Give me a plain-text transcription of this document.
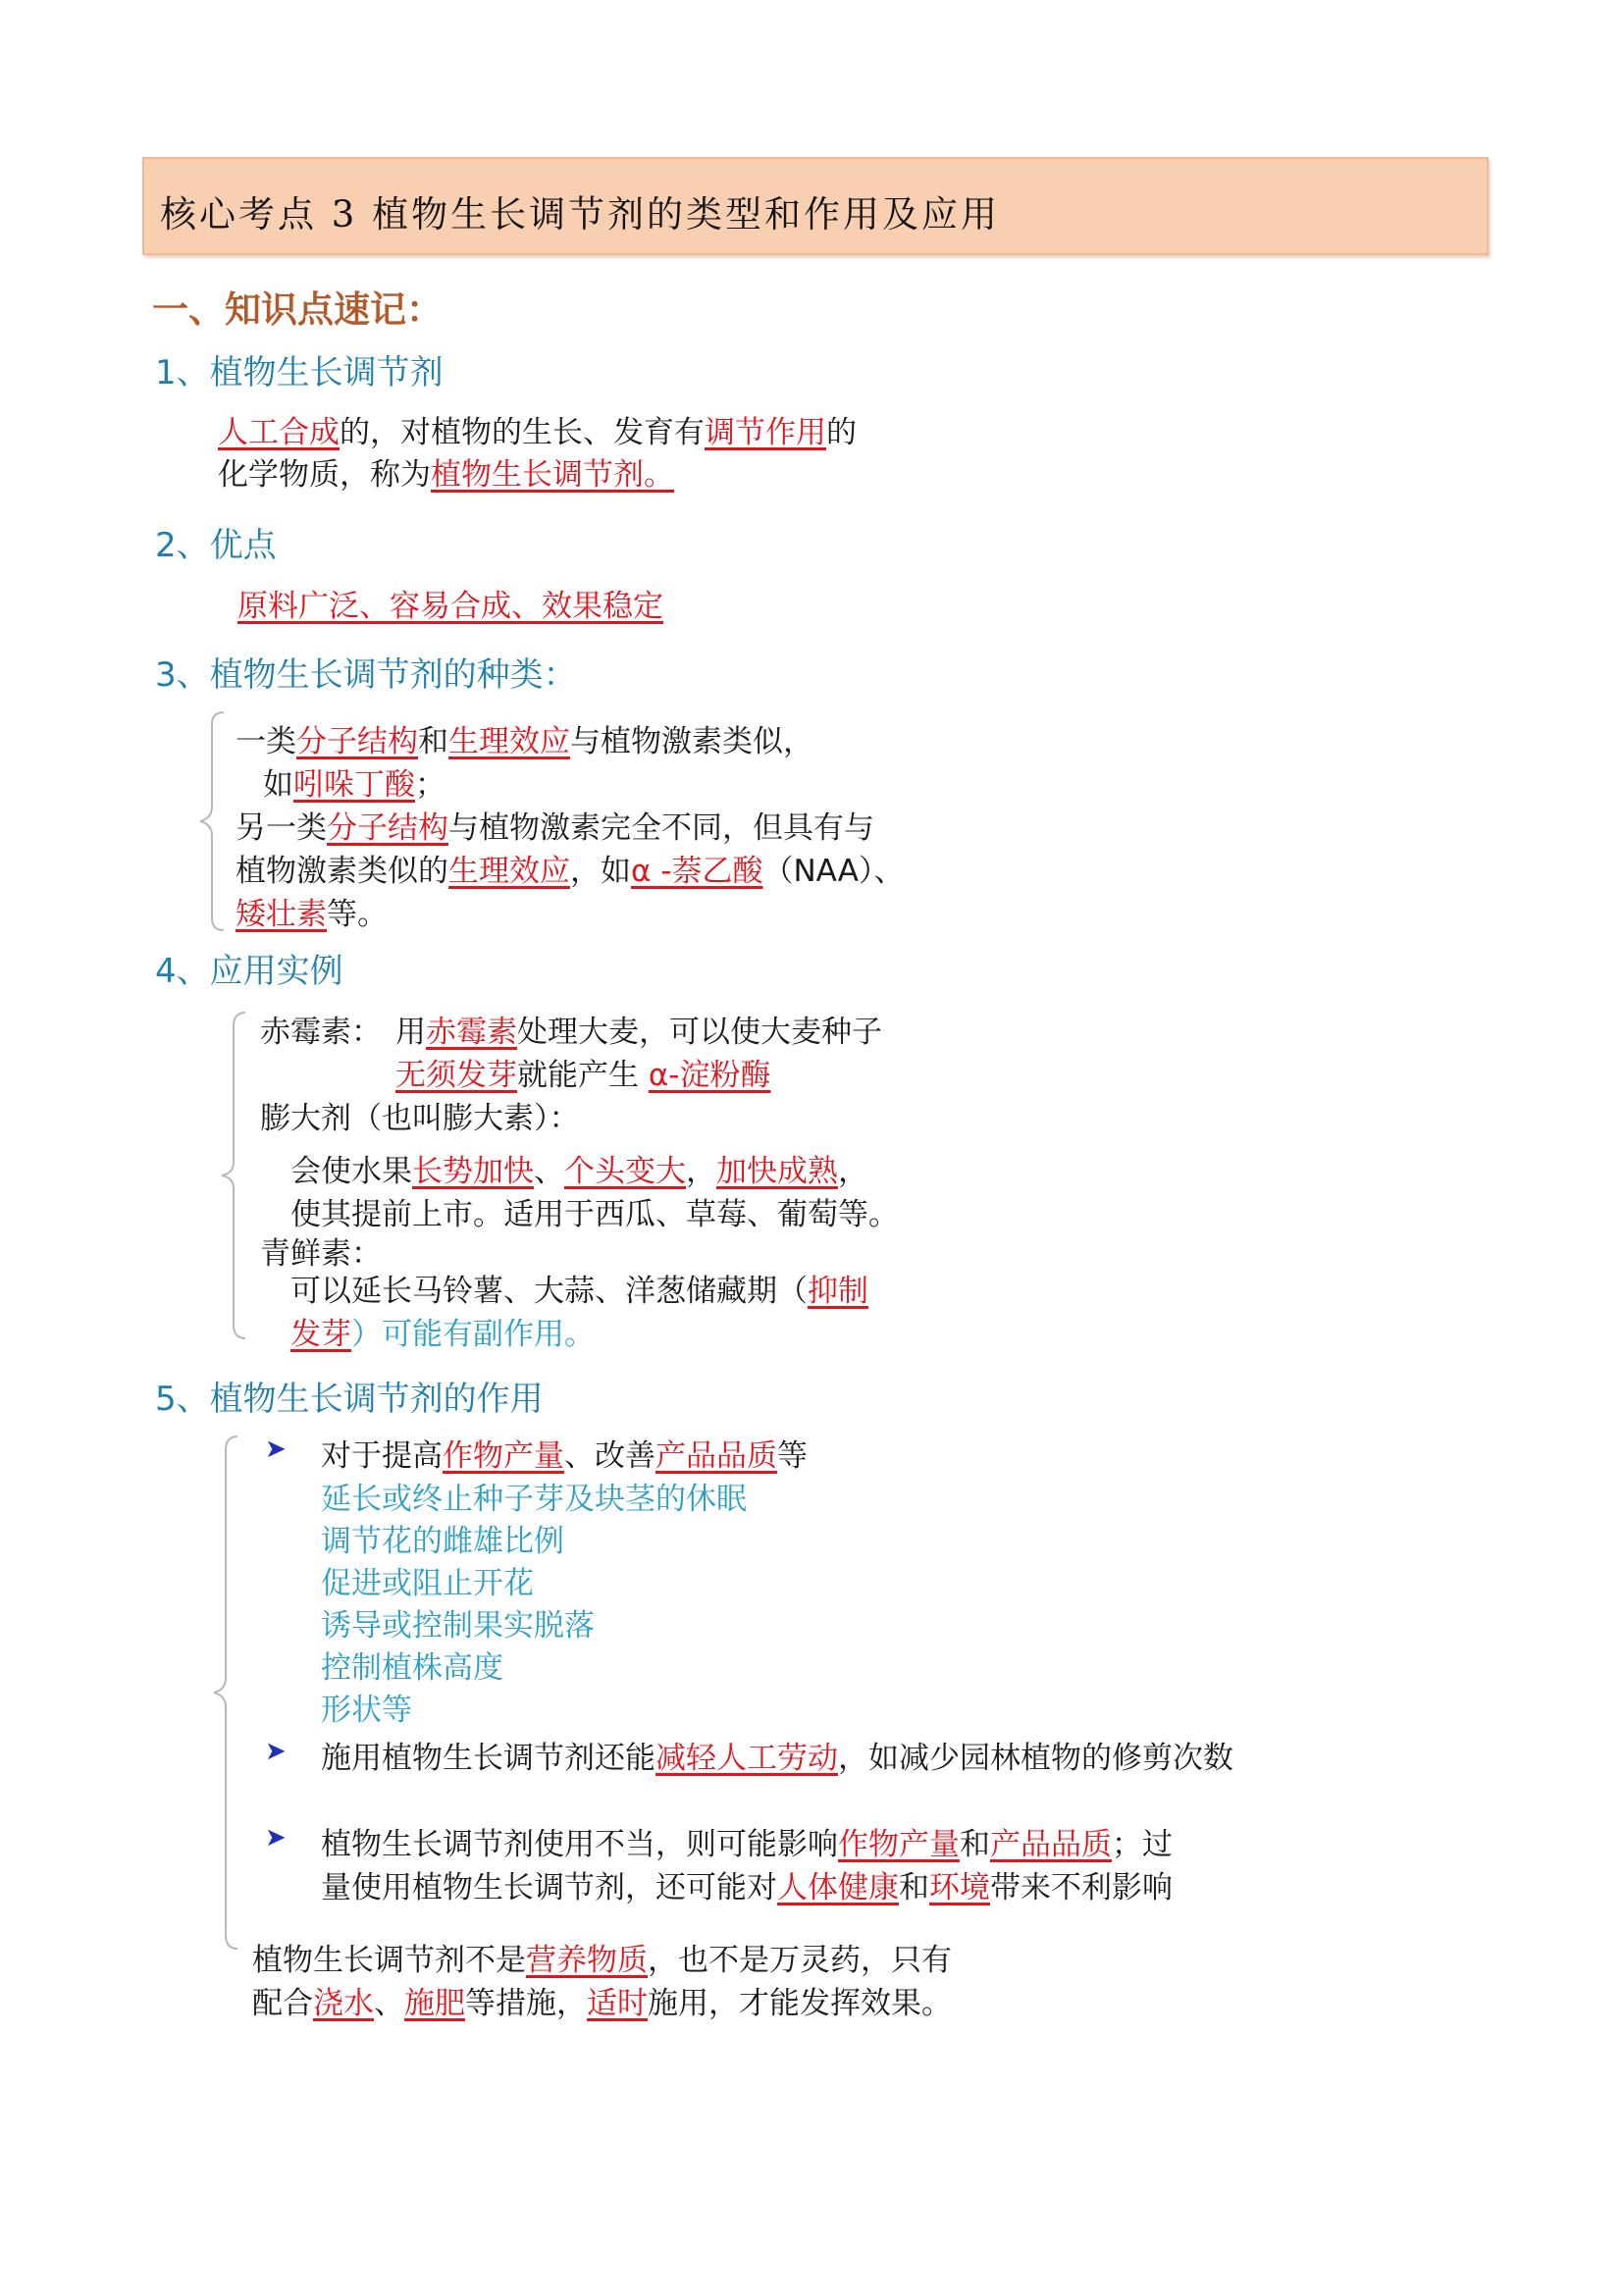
核心考点 3 植物生长调节剂的类型和作用及应用
一、知识点速记：
1、植物生长调节剂
人工合成的，对植物的生长、发育有调节作用的
化学物质，称为植物生长调节剂。
2、优点
原料广泛、容易合成、效果稳定
3、植物生长调节剂的种类：
一类分子结构和生理效应与植物激素类似，
如吲哚丁酸；
另一类分子结构与植物激素完全不同，但具有与
植物激素类似的生理效应，如α -萘乙酸（NAA）、
矮壮素等。
4、应用实例
赤霉素： 用赤霉素处理大麦，可以使大麦种子
无须发芽就能产生 α-淀粉酶
膨大剂（也叫膨大素）：
会使水果长势加快、个头变大，加快成熟，
使其提前上市。适用于西瓜、草莓、葡萄等。
青鲜素：
可以延长马铃薯、大蒜、洋葱储藏期（抑制
发芽）可能有副作用。
5、植物生长调节剂的作用
➤ 对于提高作物产量、改善产品品质等
延长或终止种子芽及块茎的休眠
调节花的雌雄比例
促进或阻止开花
诱导或控制果实脱落
控制植株高度
形状等
➤ 施用植物生长调节剂还能减轻人工劳动，如减少园林植物的修剪次数
➤ 植物生长调节剂使用不当，则可能影响作物产量和产品品质；过
量使用植物生长调节剂，还可能对人体健康和环境带来不利影响
植物生长调节剂不是营养物质，也不是万灵药，只有
配合浇水、施肥等措施，适时施用，才能发挥效果。
